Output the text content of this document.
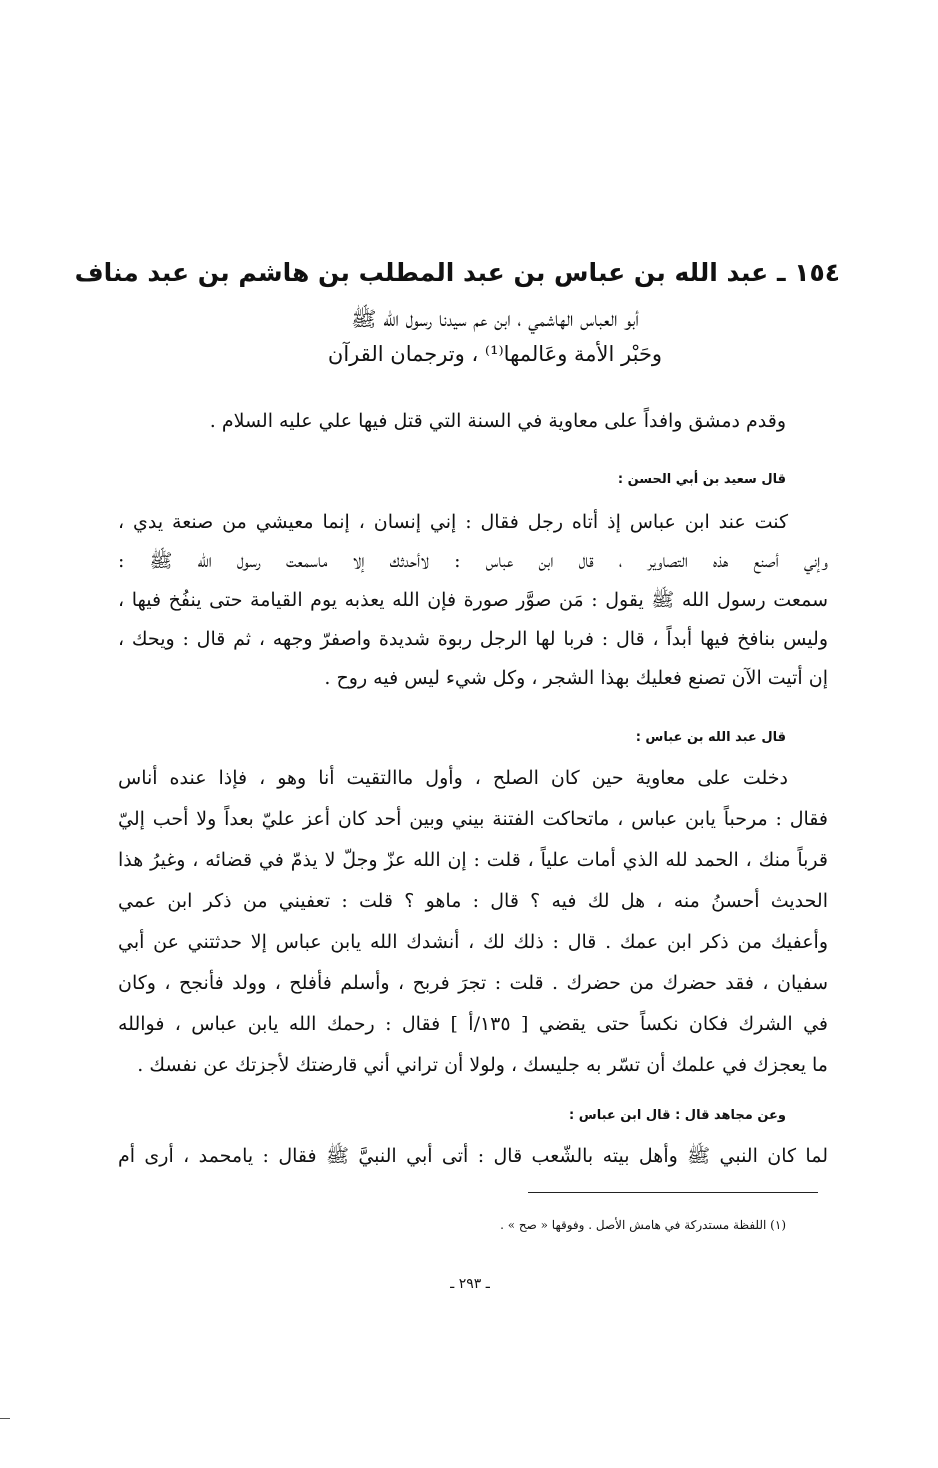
١٥٤ ـ عبد الله بن عباس بن عبد المطلب بن هاشم بن عبد مناف
أبو العباس الهاشمي ، ابن عم سيدنا رسول الله ﷺ
وحَبْر الأمة وعَالمها⁽¹⁾ ، وترجمان القرآن
وقدم دمشق وافداً على معاوية في السنة التي قتل فيها علي عليه السلام .
قال سعيد بن أبي الحسن :
كنت عند ابن عباس إذ أتاه رجل فقال : إني إنسان ، إنما معيشي من صنعة يدي ،
وإني أصنع هذه التصاوير ، قال ابن عباس : لاأحدثك إلا ماسمعت رسول الله ﷺ :
سمعت رسول الله ﷺ يقول : مَن صوَّر صورة فإن الله يعذبه يوم القيامة حتى ينفُخ فيها ،
وليس بنافخ فيها أبداً ، قال : فربا لها الرجل ربوة شديدة واصفرّ وجهه ، ثم قال : ويحك ،
إن أتيت الآن تصنع فعليك بهذا الشجر ، وكل شيء ليس فيه روح .
قال عبد الله بن عباس :
دخلت على معاوية حين كان الصلح ، وأول ماالتقيت أنا وهو ، فإذا عنده أناس
فقال : مرحباً يابن عباس ، ماتحاكت الفتنة بيني وبين أحد كان أعز عليّ بعداً ولا أحب إليّ
قرباً منك ، الحمد لله الذي أمات علياً ، قلت : إن الله عزّ وجلّ لا يذمّ في قضائه ، وغيرُ هذا
الحديث أحسنُ منه ، هل لك فيه ؟ قال : ماهو ؟ قلت : تعفيني من ذكر ابن عمي
وأعفيك من ذكر ابن عمك . قال : ذلك لك ، أنشدك الله يابن عباس إلا حدثتني عن أبي
سفيان ، فقد حضرك من حضرك . قلت : تجرَ فربح ، وأسلم فأفلح ، وولد فأنجح ، وكان
في الشرك فكان نكساً حتى يقضي [ ١٣٥/أ ] فقال : رحمك الله يابن عباس ، فوالله
ما يعجزك في علمك أن تسّر به جليسك ، ولولا أن تراني أني قارضتك لأجزتك عن نفسك .
وعن مجاهد قال : قال ابن عباس :
لما كان النبي ﷺ وأهل بيته بالشّعب قال : أتى أبي النبيَّ ﷺ فقال : يامحمد ، أرى أم
(١) اللفظة مستدركة في هامش الأصل . وفوقها « صح » .
ـ ٢٩٣ ـ
